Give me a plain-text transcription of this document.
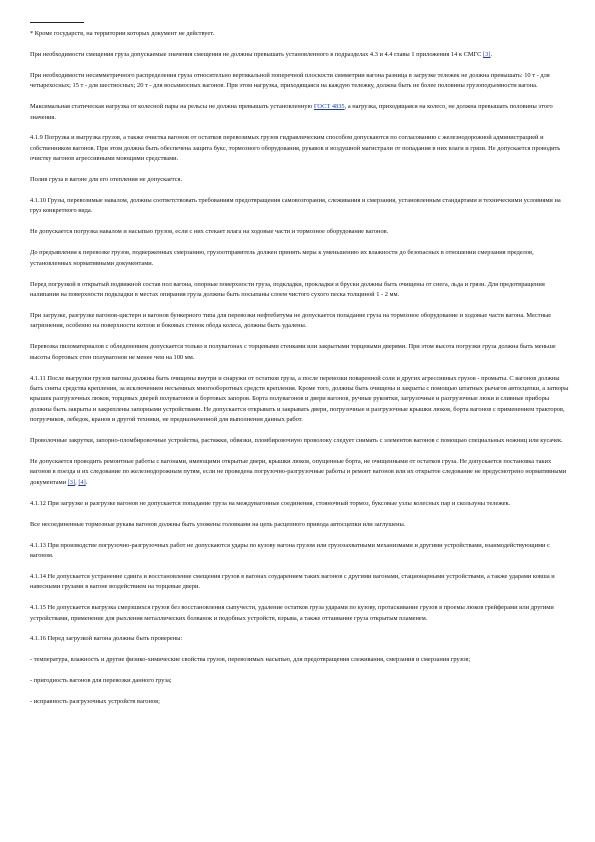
* Кроме государств, на территории которых документ не действует.

При необходимости смещения груза допускаемые значения смещения не должны превышать установленного в подразделах 4.3 и 4.4 главы 1 приложения 14 к СМГС [3].

При необходимости несимметричного распределения груза относительно вертикальной поперечной плоскости симметрии вагона разница в загрузке тележек не должна превышать: 10 т - для четырехосных; 15 т - для шестиосных; 20 т - для восьмиосных вагонов. При этом нагрузка, приходящаяся на каждую тележку, должна быть не более половины грузоподъемности вагона.

Максимальная статическая нагрузка от колесной пары на рельсы не должна превышать установленную ГОСТ 4835, а нагрузка, приходящаяся на колесо, не должна превышать половины этого значения.

4.1.9 Погрузка и выгрузка грузов, а также очистка вагонов от остатков перевозимых грузов гидравлическим способом допускаются по согласованию с железнодорожной администрацией и собственником вагонов. При этом должна быть обеспечена защита букс, тормозного оборудования, рукавов и воздушной магистрали от попадания в них влаги и грязи. Не допускается проводить очистку вагонов агрессивными моющими средствами.

Полив груза в вагоне для его отепления не допускается.

4.1.10 Грузы, перевозимые навалом, должны соответствовать требованиям предотвращения самовозгорания, слеживания и смерзания, установленным стандартами и техническими условиями на груз конкретного вида.

Не допускается погрузка навалом и насыпью грузов, если с них стекает влага на ходовые части и тормозное оборудование вагонов.

До предъявления к перевозке грузов, подверженных смерзанию, грузоотправитель должен принять меры к уменьшению их влажности до безопасных в отношении смерзания пределов, установленных нормативными документами.

Перед погрузкой в открытый подвижной состав пол вагона, опорные поверхности груза, подкладки, прокладки и бруски должны быть очищены от снега, льда и грязи. Для предотвращения налипания на поверхности подкладки в местах опирания груза должны быть посыпаны слоем чистого сухого песка толщиной 1 - 2 мм.

При загрузке, разгрузке вагонов-цистерн и вагонов бункерного типа для перевозки нефтебитума не допускается попадание груза на тормозное оборудование и ходовые части вагона. Местные загрязнения, особенно на поверхности котлов и боковых стенок обода колеса, должны быть удалены.

Перевозка пиломатериалов с обледенением допускается только в полувагонах с торцевыми стенками или закрытыми торцевыми дверями. При этом высота погрузки груза должна быть меньше высоты бортовых стен полувагонов не менее чем на 100 мм.

4.1.11 После выгрузки грузов вагоны должны быть очищены внутри и снаружи от остатков груза, а после перевозки поваренной соли и других агрессивных грузов - промыты. С вагонов должны быть сняты средства крепления, за исключением несъемных многооборотных средств крепления. Кроме того, должны быть очищены и закрыты с помощью штатных рычагов автосцепки, а затворы крышек разгрузочных люков, торцевых дверей полувагонов и бортовых запоров. Борта полувагонов и двери вагонов, ручные рукоятки, загрузочные и разгрузочные люки и сливные приборы должны быть закрыты и закреплены запорными устройствами. Не допускается открывать и закрывать двери, погрузочные и разгрузочные крышки люков, борта вагонов с применением тракторов, погрузчиков, лебедок, кранов и другой техники, не предназначенной для выполнения данных работ.

Проволочные закрутки, запорно-пломбировочные устройства, растяжки, обвязки, пломбировочную проволоку следует снимать с элементов вагонов с помощью специальных ножниц или кусачек.

Не допускается проводить ремонтные работы с вагонами, имеющими открытые двери, крышки люков, опущенные борта, не очищенными от остатков груза. Не допускается постановка таких вагонов в поезда и их следование по железнодорожным путям, если не проведена погрузочно-разгрузочные работы и ремонт вагонов или их открытое следование не предусмотрено нормативными документами [3], [4].

4.1.12 При загрузке и разгрузке вагонов не допускается попадание груза на междувагонные соединения, стояночный тормоз, буксовые узлы колесных пар и скользуны тележек.

Все несоединенные тормозные рукава вагонов должны быть уложены головками на цепь расцепного привода автосцепки или заглушены.

4.1.13 При производстве погрузочно-разгрузочных работ не допускаются удары по кузову вагона грузом или грузозахватными механизмами и другими устройствами, взаимодействующими с вагоном.

4.1.14 Не допускается устранение сдвига и восстановление смещения грузов в вагонах соударением таких вагонов с другими вагонами, стационарными устройствами, а также ударами ковша и навесными грузами в вагоне воздействием на торцевые двери.

4.1.15 Не допускается выгрузка смерзшихся грузов без восстановления сыпучести, удаление остатков груза ударами по кузову, протаскивание грузов в проемы люков грейферами или другими устройствами, применение для рыхления металлических болванок и подобных устройств, взрыва, а также оттаивание груза открытым пламенем.

4.1.16 Перед загрузкой вагона должны быть проверены:

- температура, влажность и другие физико-химические свойства грузов, перевозимых насыпью, для предотвращения слеживания, смерзания и смерзания грузов;

- пригодность вагонов для перевозки данного груза;

- исправность разгрузочных устройств вагонов;
